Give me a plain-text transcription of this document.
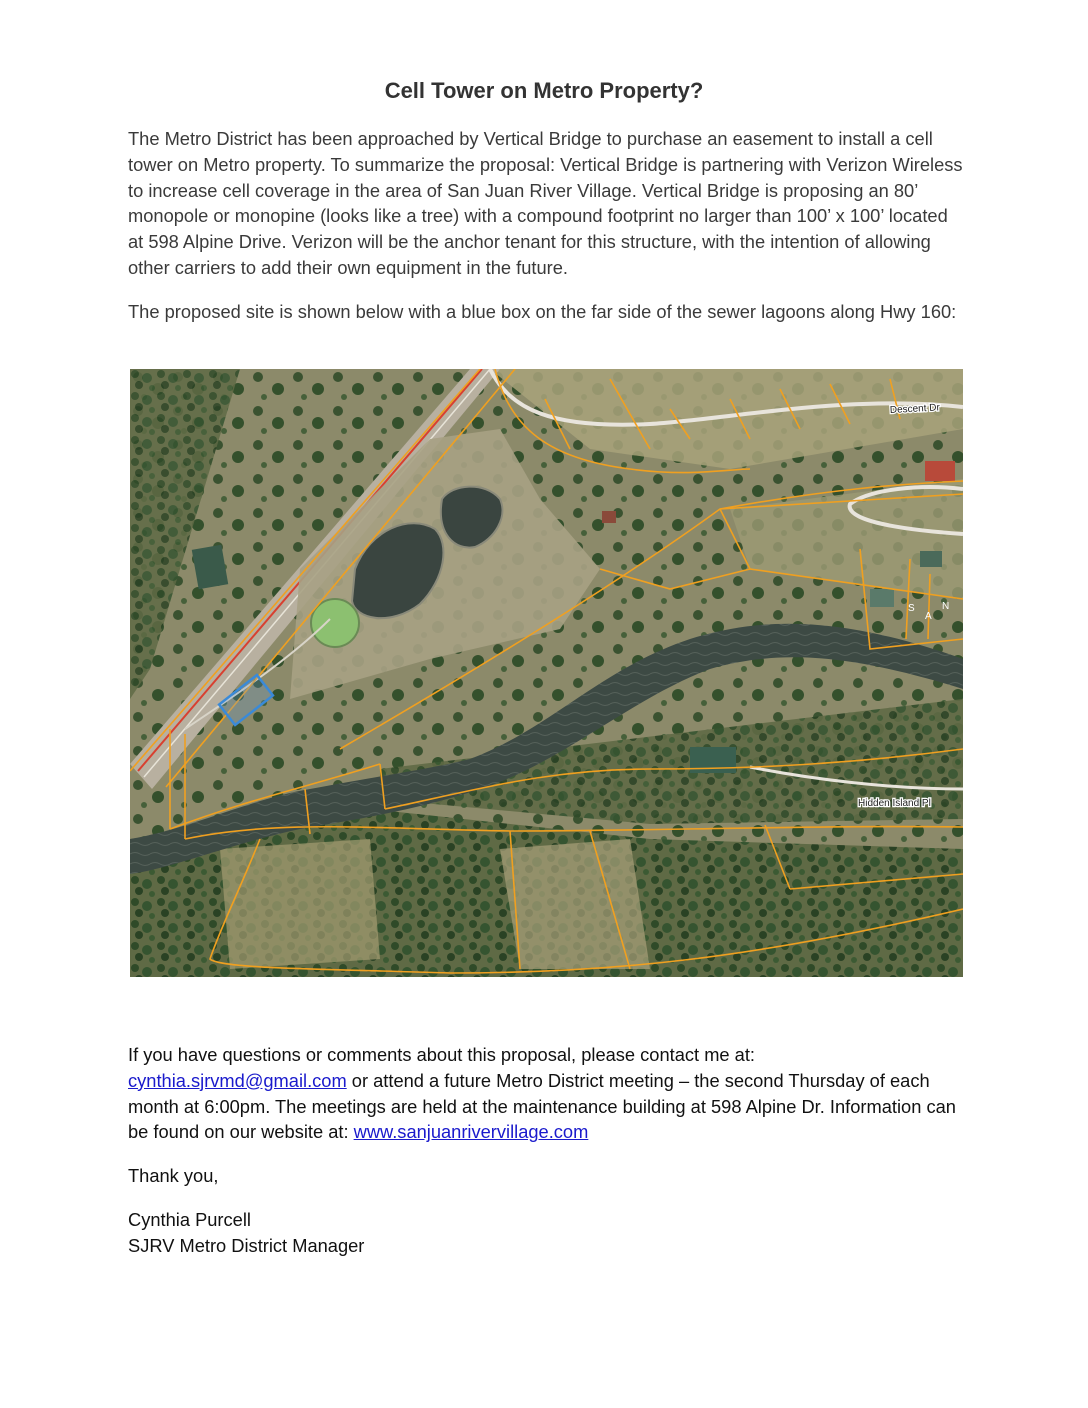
Cell Tower on Metro Property?

The Metro District has been approached by Vertical Bridge to purchase an easement to install a cell tower on Metro property. To summarize the proposal: Vertical Bridge is partnering with Verizon Wireless to increase cell coverage in the area of San Juan River Village. Vertical Bridge is proposing an 80’ monopole or monopine (looks like a tree) with a compound footprint no larger than 100’ x 100’ located at 598 Alpine Drive. Verizon will be the anchor tenant for this structure, with the intention of allowing other carriers to add their own equipment in the future.

The proposed site is shown below with a blue box on the far side of the sewer lagoons along Hwy 160:

Descent Dr
Hidden Island Pl
S
A
N

If you have questions or comments about this proposal, please contact me at:
cynthia.sjrvmd@gmail.com or attend a future Metro District meeting – the second Thursday of each month at 6:00pm. The meetings are held at the maintenance building at 598 Alpine Dr. Information can be found on our website at: www.sanjuanrivervillage.com

Thank you,

Cynthia Purcell
SJRV Metro District Manager
